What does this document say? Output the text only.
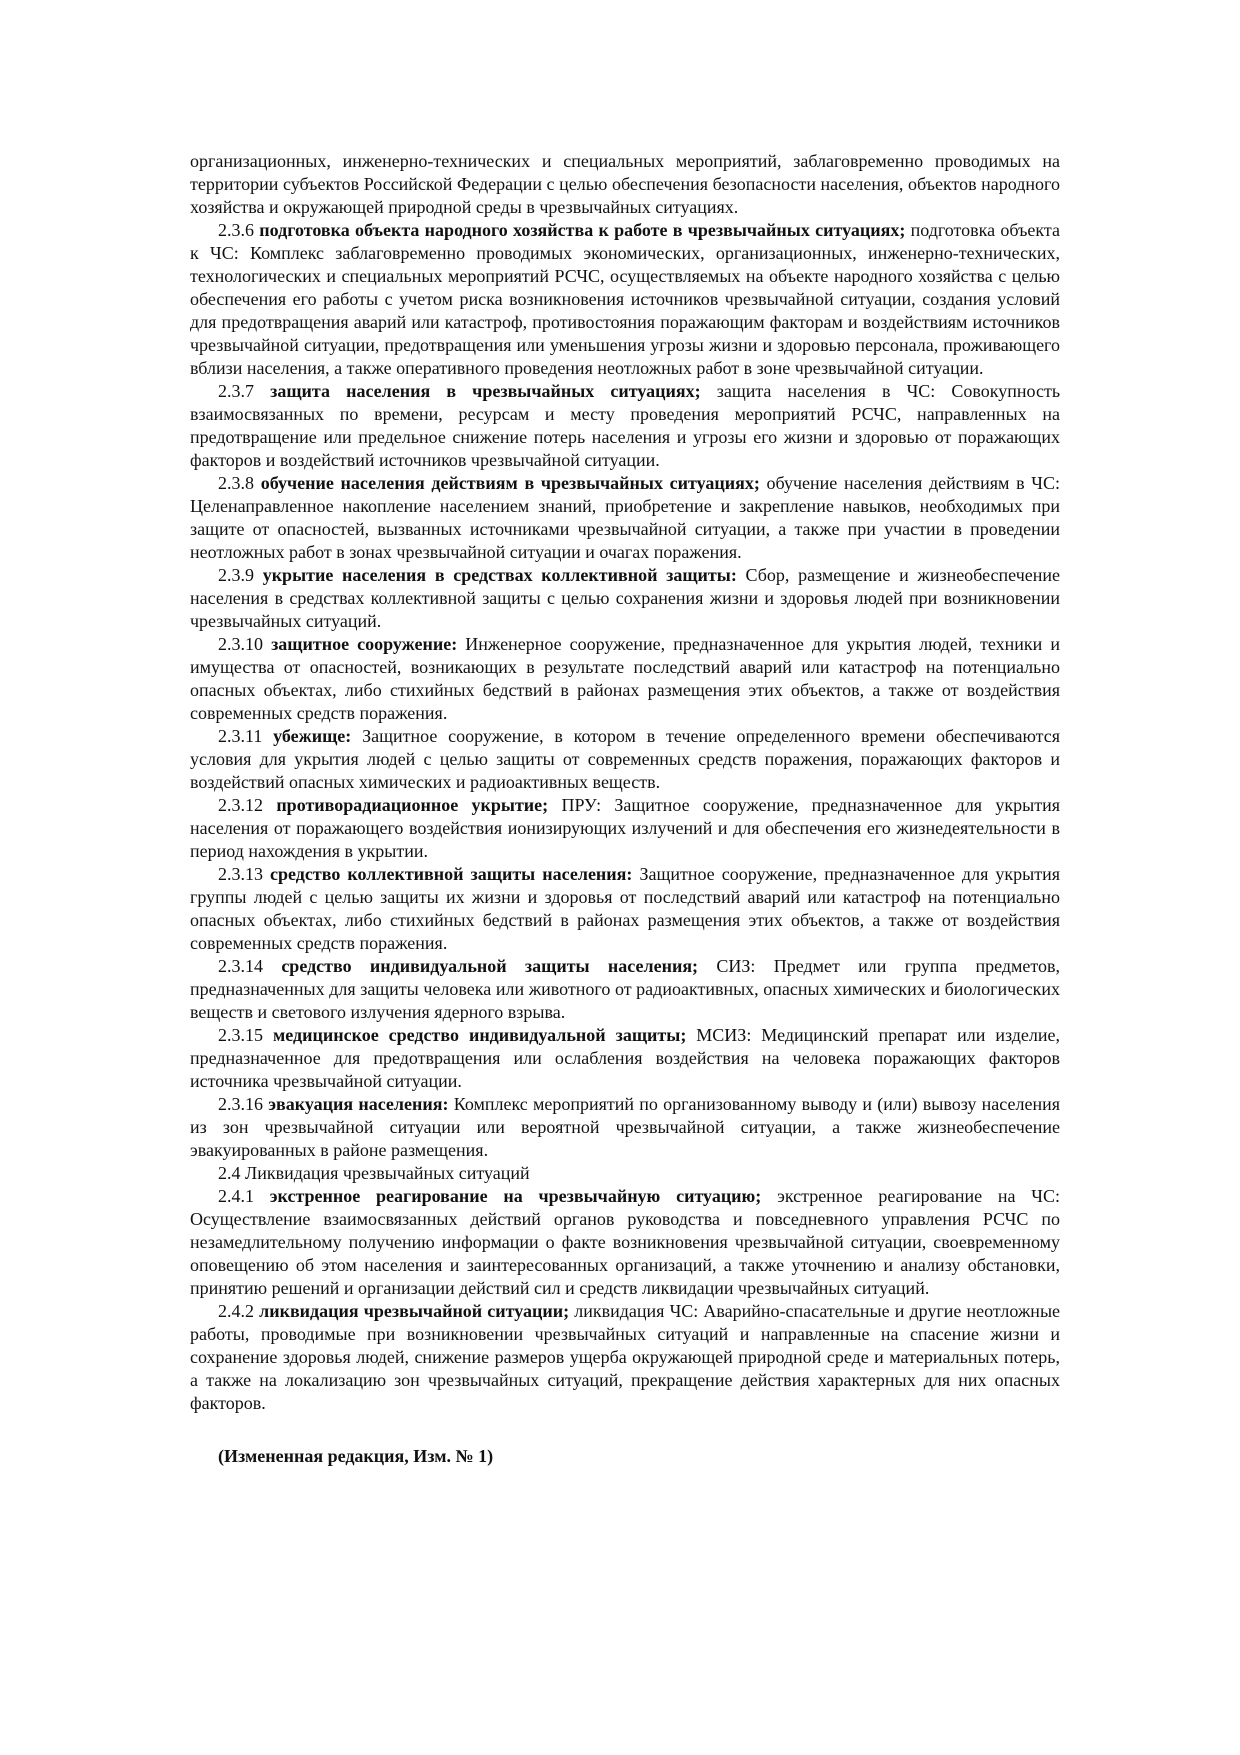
организационных, инженерно-технических и специальных мероприятий, заблаговременно проводимых на территории субъектов Российской Федерации с целью обеспечения безопасности населения, объектов народного хозяйства и окружающей природной среды в чрезвычайных ситуациях.

2.3.6 подготовка объекта народного хозяйства к работе в чрезвычайных ситуациях; подготовка объекта к ЧС: Комплекс заблаговременно проводимых экономических, организационных, инженерно-технических, технологических и специальных мероприятий РСЧС, осуществляемых на объекте народного хозяйства с целью обеспечения его работы с учетом риска возникновения источников чрезвычайной ситуации, создания условий для предотвращения аварий или катастроф, противостояния поражающим факторам и воздействиям источников чрезвычайной ситуации, предотвращения или уменьшения угрозы жизни и здоровью персонала, проживающего вблизи населения, а также оперативного проведения неотложных работ в зоне чрезвычайной ситуации.

2.3.7 защита населения в чрезвычайных ситуациях; защита населения в ЧС: Совокупность взаимосвязанных по времени, ресурсам и месту проведения мероприятий РСЧС, направленных на предотвращение или предельное снижение потерь населения и угрозы его жизни и здоровью от поражающих факторов и воздействий источников чрезвычайной ситуации.

2.3.8 обучение населения действиям в чрезвычайных ситуациях; обучение населения действиям в ЧС: Целенаправленное накопление населением знаний, приобретение и закрепление навыков, необходимых при защите от опасностей, вызванных источниками чрезвычайной ситуации, а также при участии в проведении неотложных работ в зонах чрезвычайной ситуации и очагах поражения.

2.3.9 укрытие населения в средствах коллективной защиты: Сбор, размещение и жизнеобеспечение населения в средствах коллективной защиты с целью сохранения жизни и здоровья людей при возникновении чрезвычайных ситуаций.

2.3.10 защитное сооружение: Инженерное сооружение, предназначенное для укрытия людей, техники и имущества от опасностей, возникающих в результате последствий аварий или катастроф на потенциально опасных объектах, либо стихийных бедствий в районах размещения этих объектов, а также от воздействия современных средств поражения.

2.3.11 убежище: Защитное сооружение, в котором в течение определенного времени обеспечиваются условия для укрытия людей с целью защиты от современных средств поражения, поражающих факторов и воздействий опасных химических и радиоактивных веществ.

2.3.12 противорадиационное укрытие; ПРУ: Защитное сооружение, предназначенное для укрытия населения от поражающего воздействия ионизирующих излучений и для обеспечения его жизнедеятельности в период нахождения в укрытии.

2.3.13 средство коллективной защиты населения: Защитное сооружение, предназначенное для укрытия группы людей с целью защиты их жизни и здоровья от последствий аварий или катастроф на потенциально опасных объектах, либо стихийных бедствий в районах размещения этих объектов, а также от воздействия современных средств поражения.

2.3.14 средство индивидуальной защиты населения; СИЗ: Предмет или группа предметов, предназначенных для защиты человека или животного от радиоактивных, опасных химических и биологических веществ и светового излучения ядерного взрыва.

2.3.15 медицинское средство индивидуальной защиты; МСИЗ: Медицинский препарат или изделие, предназначенное для предотвращения или ослабления воздействия на человека поражающих факторов источника чрезвычайной ситуации.

2.3.16 эвакуация населения: Комплекс мероприятий по организованному выводу и (или) вывозу населения из зон чрезвычайной ситуации или вероятной чрезвычайной ситуации, а также жизнеобеспечение эвакуированных в районе размещения.

2.4 Ликвидация чрезвычайных ситуаций

2.4.1 экстренное реагирование на чрезвычайную ситуацию; экстренное реагирование на ЧС: Осуществление взаимосвязанных действий органов руководства и повседневного управления РСЧС по незамедлительному получению информации о факте возникновения чрезвычайной ситуации, своевременному оповещению об этом населения и заинтересованных организаций, а также уточнению и анализу обстановки, принятию решений и организации действий сил и средств ликвидации чрезвычайных ситуаций.

2.4.2 ликвидация чрезвычайной ситуации; ликвидация ЧС: Аварийно-спасательные и другие неотложные работы, проводимые при возникновении чрезвычайных ситуаций и направленные на спасение жизни и сохранение здоровья людей, снижение размеров ущерба окружающей природной среде и материальных потерь, а также на локализацию зон чрезвычайных ситуаций, прекращение действия характерных для них опасных факторов.

(Измененная редакция, Изм. № 1)
